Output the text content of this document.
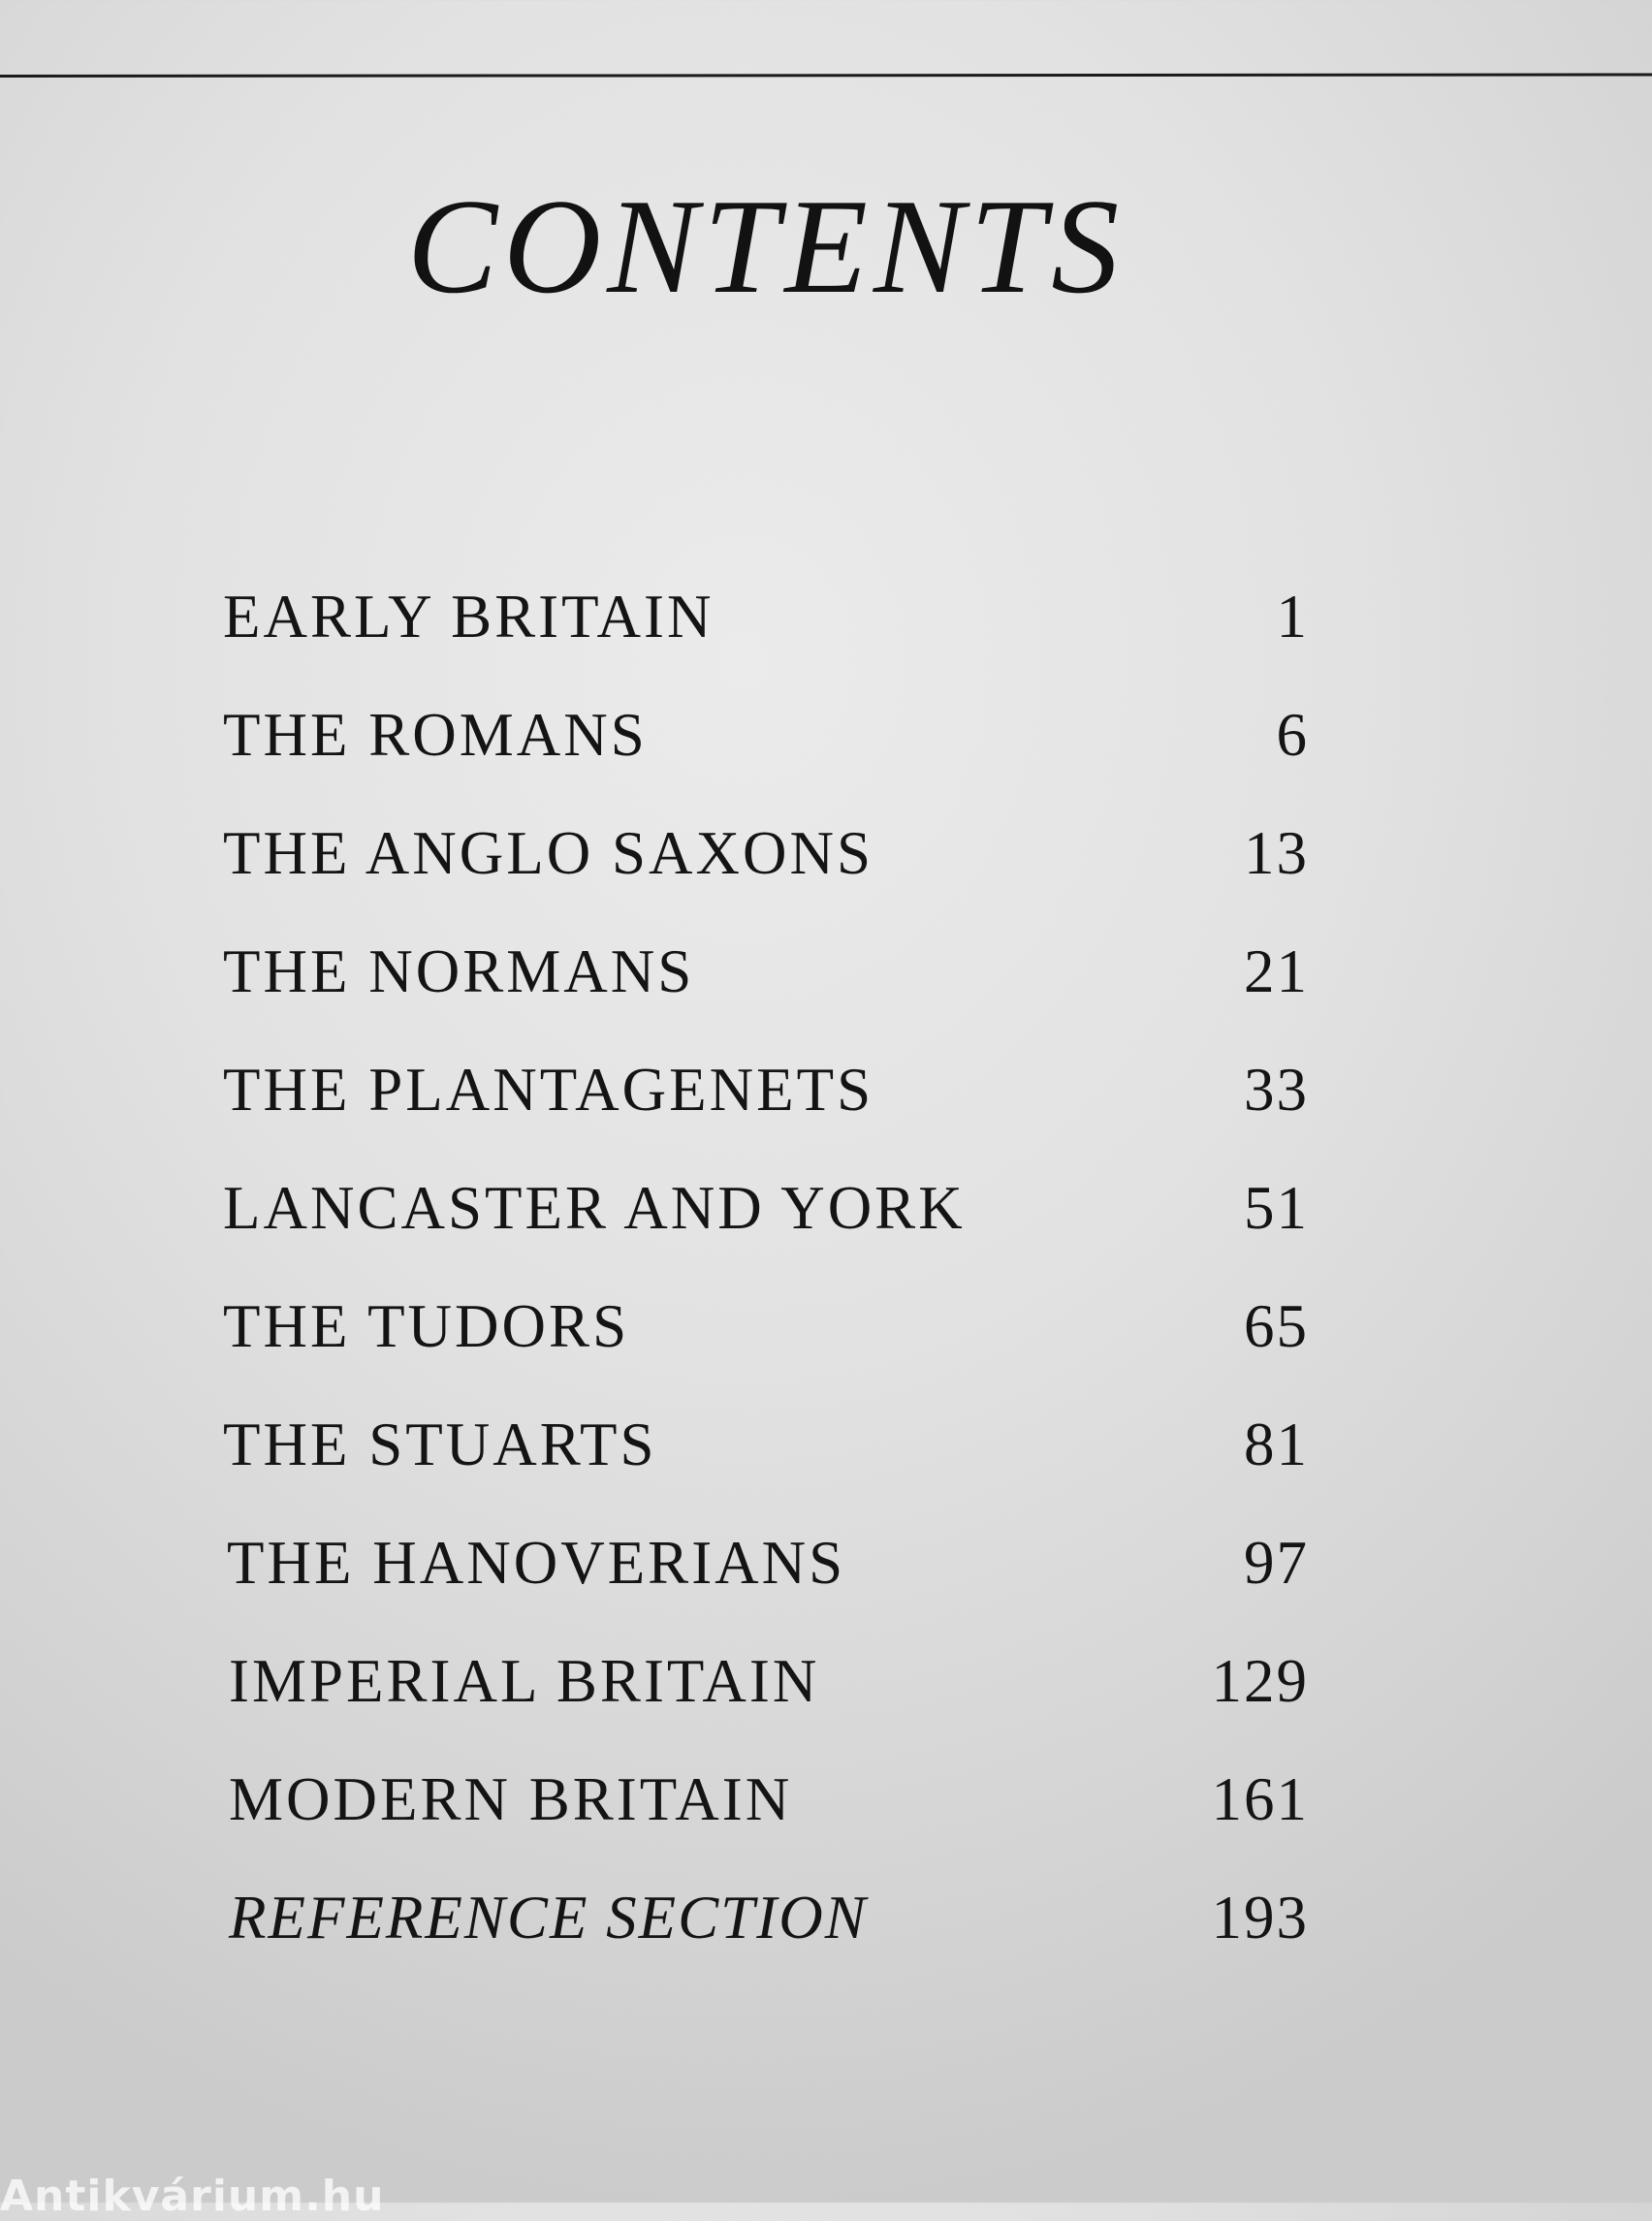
CONTENTS
EARLY BRITAIN	1
THE ROMANS	6
THE ANGLO SAXONS	13
THE NORMANS	21
THE PLANTAGENETS	33
LANCASTER AND YORK	51
THE TUDORS	65
THE STUARTS	81
THE HANOVERIANS	97
IMPERIAL BRITAIN	129
MODERN BRITAIN	161
REFERENCE SECTION	193
Antikvárium.hu
